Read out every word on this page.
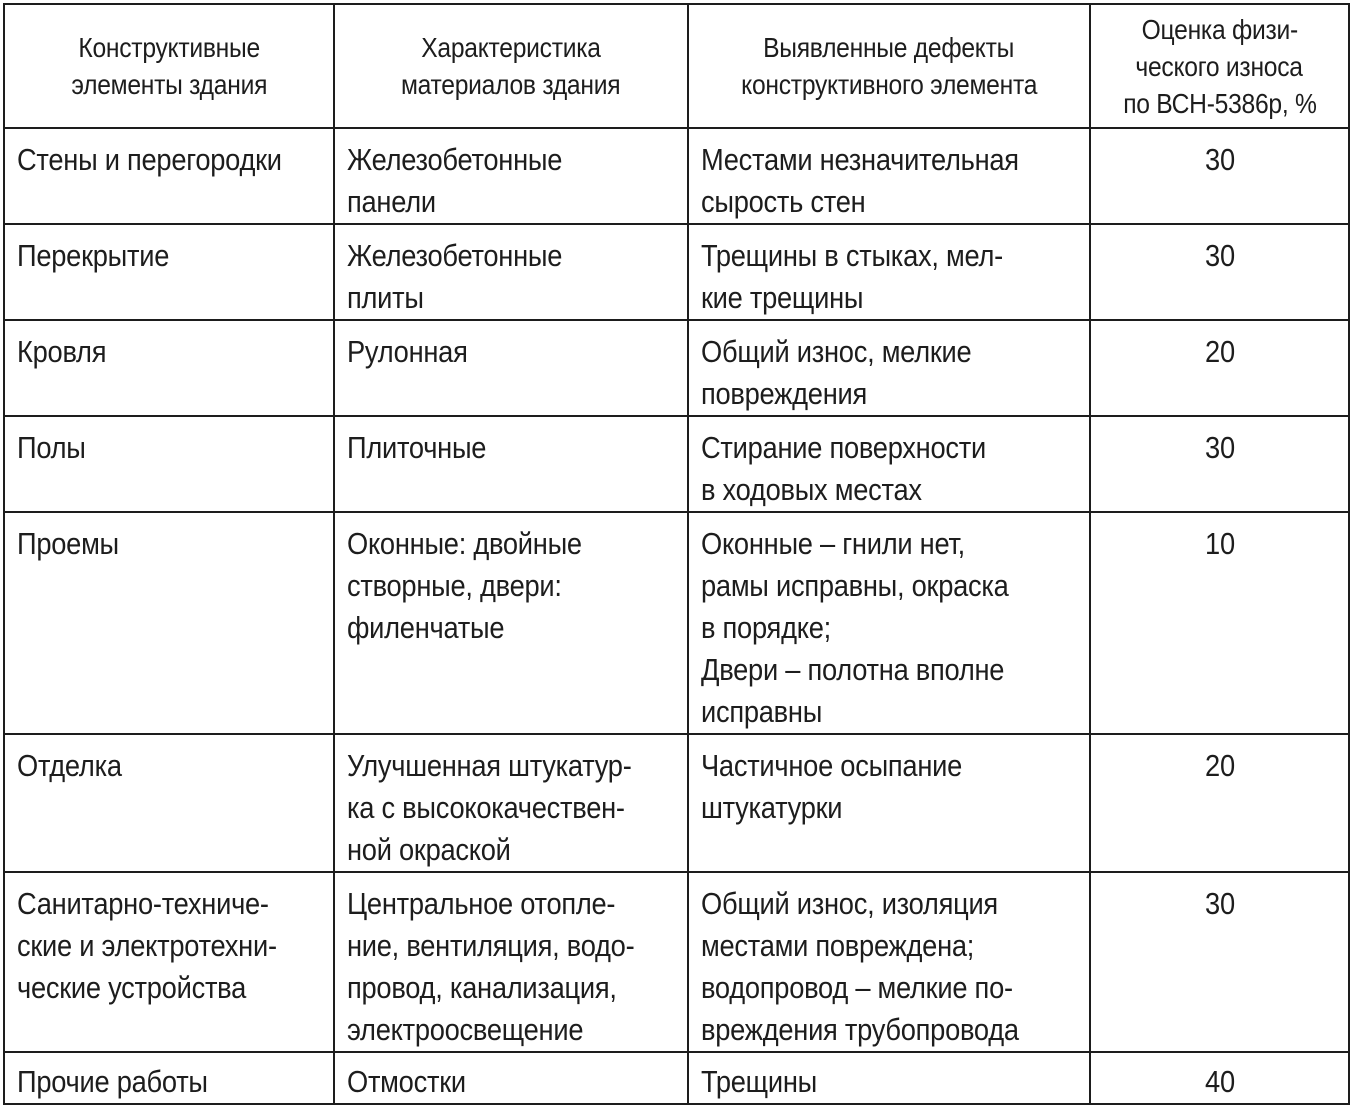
Конструктивные
элементы здания	Характеристика
материалов здания	Выявленные дефекты
конструктивного элемента	Оценка физи-
ческого износа
по ВСН-5386р, %

Стены и перегородки	Железобетонные
панели	Местами незначительная
сырость стен	30

Перекрытие	Железобетонные
плиты	Трещины в стыках, мел-
кие трещины	30

Кровля	Рулонная	Общий износ, мелкие
повреждения	20

Полы	Плиточные	Стирание поверхности
в ходовых местах	30

Проемы	Оконные: двойные
створные, двери:
филенчатые	Оконные – гнили нет,
рамы исправны, окраска
в порядке;
Двери – полотна вполне
исправны	10

Отделка	Улучшенная штукатур-
ка с высококачествен-
ной окраской	Частичное осыпание
штукатурки	20

Санитарно-техниче-
ские и электротехни-
ческие устройства	Центральное отопле-
ние, вентиляция, водо-
провод, канализация,
электроосвещение	Общий износ, изоляция
местами повреждена;
водопровод – мелкие по-
вреждения трубопровода	30

Прочие работы	Отмостки	Трещины	40
